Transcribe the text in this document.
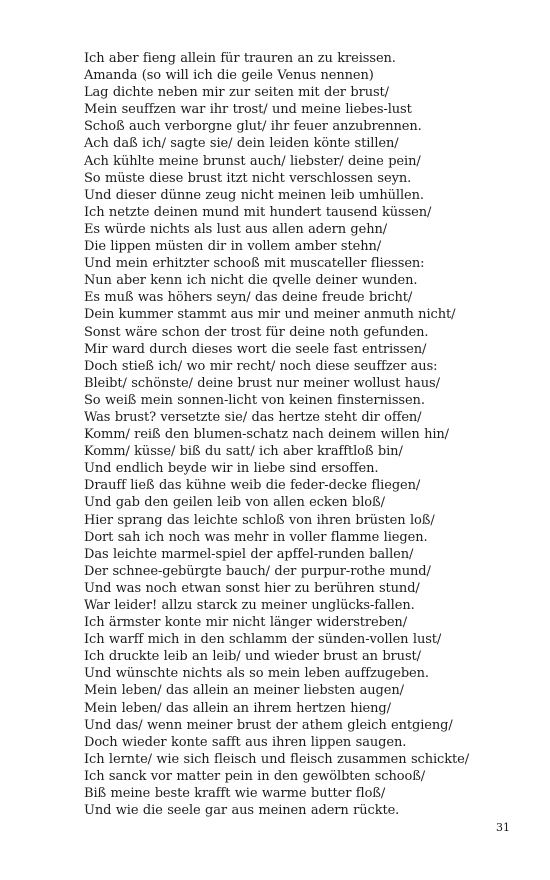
Ich aber fieng allein für trauren an zu kreissen.
Amanda (so will ich die geile Venus nennen)
Lag dichte neben mir zur seiten mit der brust/
Mein seuffzen war ihr trost/ und meine liebes-lust
Schoß auch verborgne glut/ ihr feuer anzubrennen.
Ach daß ich/ sagte sie/ dein leiden könte stillen/
Ach kühlte meine brunst auch/ liebster/ deine pein/
So müste diese brust itzt nicht verschlossen seyn.
Und dieser dünne zeug nicht meinen leib umhüllen.
Ich netzte deinen mund mit hundert tausend küssen/
Es würde nichts als lust aus allen adern gehn/
Die lippen müsten dir in vollem amber stehn/
Und mein erhitzter schooß mit muscateller fliessen:
Nun aber kenn ich nicht die qvelle deiner wunden.
Es muß was höhers seyn/ das deine freude bricht/
Dein kummer stammt aus mir und meiner anmuth nicht/
Sonst wäre schon der trost für deine noth gefunden.
Mir ward durch dieses wort die seele fast entrissen/
Doch stieß ich/ wo mir recht/ noch diese seuffzer aus:
Bleibt/ schönste/ deine brust nur meiner wollust haus/
So weiß mein sonnen-licht von keinen finsternissen.
Was brust? versetzte sie/ das hertze steht dir offen/
Komm/ reiß den blumen-schatz nach deinem willen hin/
Komm/ küsse/ biß du satt/ ich aber krafftloß bin/
Und endlich beyde wir in liebe sind ersoffen.
Drauff ließ das kühne weib die feder-decke fliegen/
Und gab den geilen leib von allen ecken bloß/
Hier sprang das leichte schloß von ihren brüsten loß/
Dort sah ich noch was mehr in voller flamme liegen.
Das leichte marmel-spiel der apffel-runden ballen/
Der schnee-gebürgte bauch/ der purpur-rothe mund/
Und was noch etwan sonst hier zu berühren stund/
War leider! allzu starck zu meiner unglücks-fallen.
Ich ärmster konte mir nicht länger widerstreben/
Ich warff mich in den schlamm der sünden-vollen lust/
Ich druckte leib an leib/ und wieder brust an brust/
Und wünschte nichts als so mein leben auffzugeben.
Mein leben/ das allein an meiner liebsten augen/
Mein leben/ das allein an ihrem hertzen hieng/
Und das/ wenn meiner brust der athem gleich entgieng/
Doch wieder konte safft aus ihren lippen saugen.
Ich lernte/ wie sich fleisch und fleisch zusammen schickte/
Ich sanck vor matter pein in den gewölbten schooß/
Biß meine beste krafft wie warme butter floß/
Und wie die seele gar aus meinen adern rückte.
31
